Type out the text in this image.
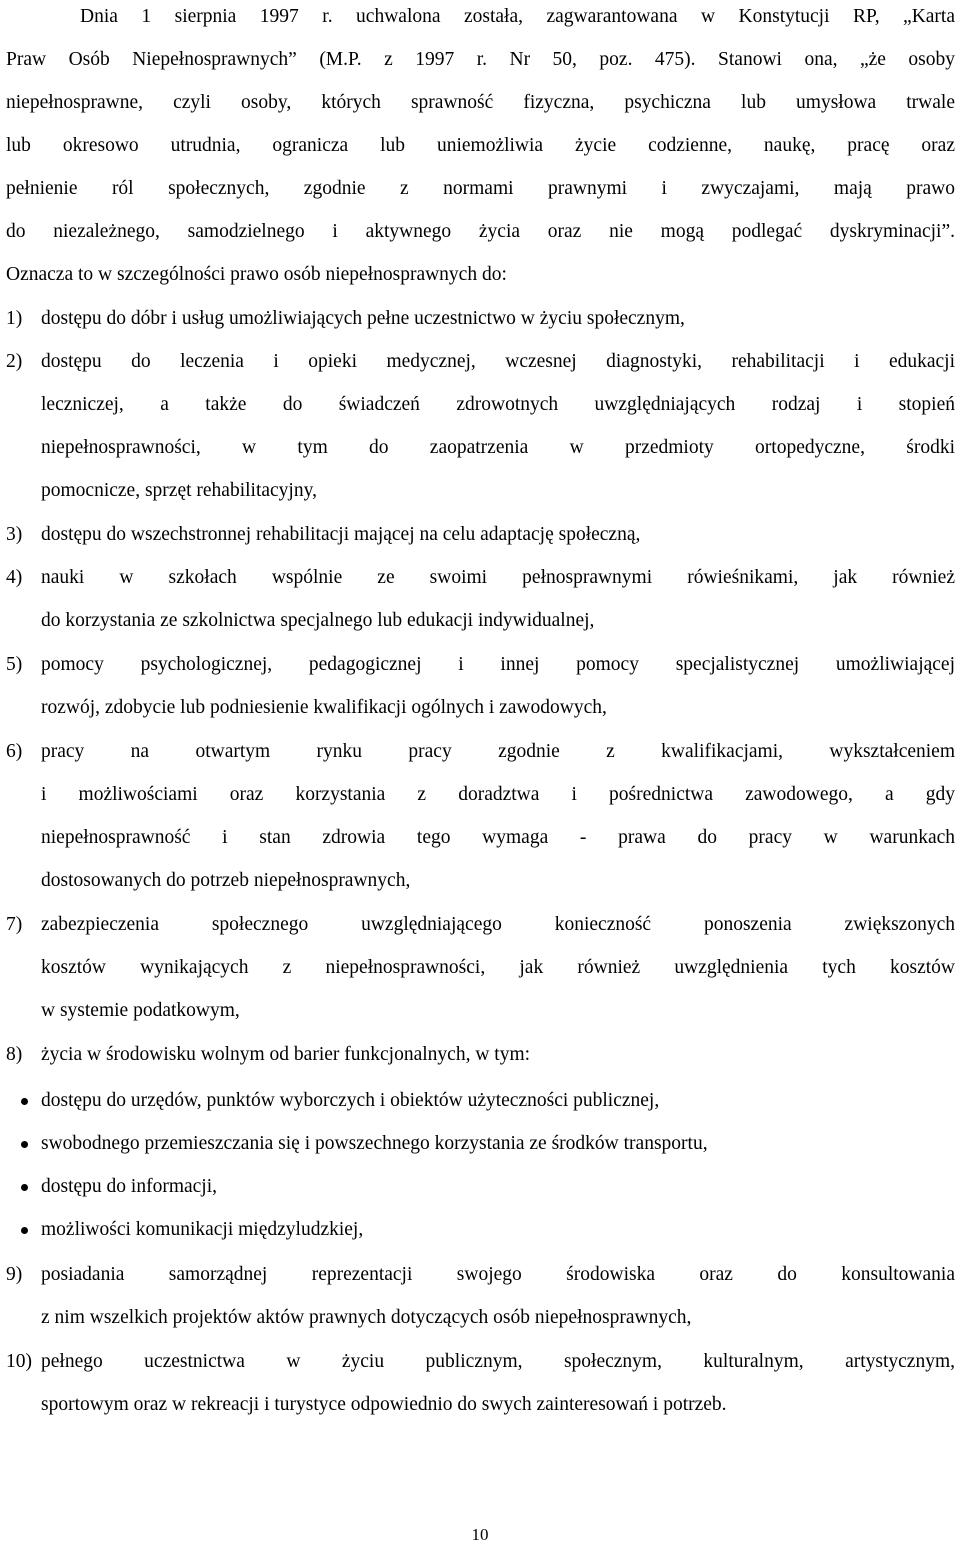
Dnia 1 sierpnia 1997 r. uchwalona została, zagwarantowana w Konstytucji RP, „Karta
Praw Osób Niepełnosprawnych” (M.P. z 1997 r. Nr 50, poz. 475). Stanowi ona, „że osoby
niepełnosprawne, czyli osoby, których sprawność fizyczna, psychiczna lub umysłowa trwale
lub okresowo utrudnia, ogranicza lub uniemożliwia życie codzienne, naukę, pracę oraz
pełnienie ról społecznych, zgodnie z normami prawnymi i zwyczajami, mają prawo
do niezależnego, samodzielnego i aktywnego życia oraz nie mogą podlegać dyskryminacji”.
Oznacza to w szczególności prawo osób niepełnosprawnych do:
1) dostępu do dóbr i usług umożliwiających pełne uczestnictwo w życiu społecznym,
2) dostępu do leczenia i opieki medycznej, wczesnej diagnostyki, rehabilitacji i edukacji
leczniczej, a także do świadczeń zdrowotnych uwzględniających rodzaj i stopień
niepełnosprawności, w tym do zaopatrzenia w przedmioty ortopedyczne, środki
pomocnicze, sprzęt rehabilitacyjny,
3) dostępu do wszechstronnej rehabilitacji mającej na celu adaptację społeczną,
4) nauki w szkołach wspólnie ze swoimi pełnosprawnymi rówieśnikami, jak również
do korzystania ze szkolnictwa specjalnego lub edukacji indywidualnej,
5) pomocy psychologicznej, pedagogicznej i innej pomocy specjalistycznej umożliwiającej
rozwój, zdobycie lub podniesienie kwalifikacji ogólnych i zawodowych,
6) pracy na otwartym rynku pracy zgodnie z kwalifikacjami, wykształceniem
i możliwościami oraz korzystania z doradztwa i pośrednictwa zawodowego, a gdy
niepełnosprawność i stan zdrowia tego wymaga - prawa do pracy w warunkach
dostosowanych do potrzeb niepełnosprawnych,
7) zabezpieczenia społecznego uwzględniającego konieczność ponoszenia zwiększonych
kosztów wynikających z niepełnosprawności, jak również uwzględnienia tych kosztów
w systemie podatkowym,
8) życia w środowisku wolnym od barier funkcjonalnych, w tym:
dostępu do urzędów, punktów wyborczych i obiektów użyteczności publicznej,
swobodnego przemieszczania się i powszechnego korzystania ze środków transportu,
dostępu do informacji,
możliwości komunikacji międzyludzkiej,
9) posiadania samorządnej reprezentacji swojego środowiska oraz do konsultowania
z nim wszelkich projektów aktów prawnych dotyczących osób niepełnosprawnych,
10) pełnego uczestnictwa w życiu publicznym, społecznym, kulturalnym, artystycznym,
sportowym oraz w rekreacji i turystyce odpowiednio do swych zainteresowań i potrzeb.
10
